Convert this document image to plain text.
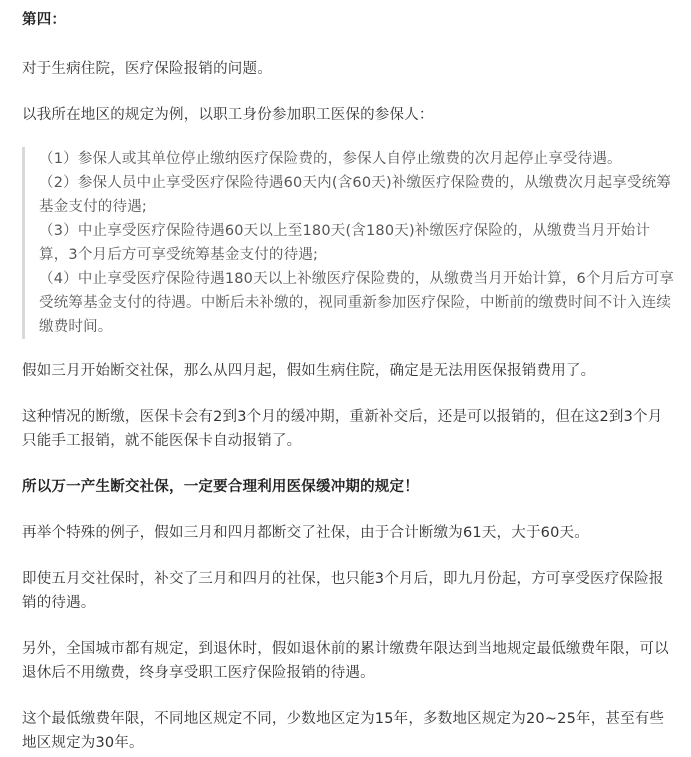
第四：

对于生病住院，医疗保险报销的问题。

以我所在地区的规定为例，以职工身份参加职工医保的参保人：

（1）参保人或其单位停止缴纳医疗保险费的，参保人自停止缴费的次月起停止享受待遇。

（2）参保人员中止享受医疗保险待遇60天内(含60天)补缴医疗保险费的，从缴费次月起享受统筹基金支付的待遇;

（3）中止享受医疗保险待遇60天以上至180天(含180天)补缴医疗保险的，从缴费当月开始计算，3个月后方可享受统筹基金支付的待遇;

（4）中止享受医疗保险待遇180天以上补缴医疗保险费的，从缴费当月开始计算，6个月后方可享受统筹基金支付的待遇。中断后未补缴的，视同重新参加医疗保险，中断前的缴费时间不计入连续缴费时间。

假如三月开始断交社保，那么从四月起，假如生病住院，确定是无法用医保报销费用了。

这种情况的断缴，医保卡会有2到3个月的缓冲期，重新补交后，还是可以报销的，但在这2到3个月只能手工报销，就不能医保卡自动报销了。

所以万一产生断交社保，一定要合理利用医保缓冲期的规定！

再举个特殊的例子，假如三月和四月都断交了社保，由于合计断缴为61天，大于60天。

即使五月交社保时，补交了三月和四月的社保，也只能3个月后，即九月份起，方可享受医疗保险报销的待遇。

另外，全国城市都有规定，到退休时，假如退休前的累计缴费年限达到当地规定最低缴费年限，可以退休后不用缴费，终身享受职工医疗保险报销的待遇。

这个最低缴费年限，不同地区规定不同，少数地区定为15年，多数地区规定为20~25年，甚至有些地区规定为30年。
